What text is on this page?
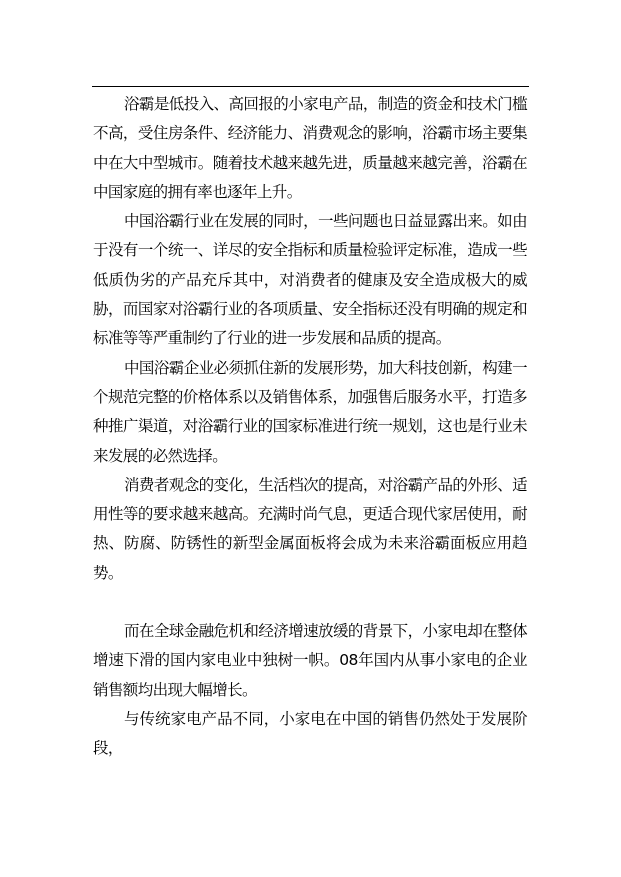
浴霸是低投入、高回报的小家电产品，制造的资金和技术门槛不高，受住房条件、经济能力、消费观念的影响，浴霸市场主要集中在大中型城市。随着技术越来越先进，质量越来越完善，浴霸在中国家庭的拥有率也逐年上升。

中国浴霸行业在发展的同时，一些问题也日益显露出来。如由于没有一个统一、详尽的安全指标和质量检验评定标准，造成一些低质伪劣的产品充斥其中，对消费者的健康及安全造成极大的威胁，而国家对浴霸行业的各项质量、安全指标还没有明确的规定和标准等等严重制约了行业的进一步发展和品质的提高。

中国浴霸企业必须抓住新的发展形势，加大科技创新，构建一个规范完整的价格体系以及销售体系，加强售后服务水平，打造多种推广渠道，对浴霸行业的国家标准进行统一规划，这也是行业未来发展的必然选择。

消费者观念的变化，生活档次的提高，对浴霸产品的外形、适用性等的要求越来越高。充满时尚气息，更适合现代家居使用，耐热、防腐、防锈性的新型金属面板将会成为未来浴霸面板应用趋势。

而在全球金融危机和经济增速放缓的背景下，小家电却在整体增速下滑的国内家电业中独树一帜。08年国内从事小家电的企业销售额均出现大幅增长。

与传统家电产品不同，小家电在中国的销售仍然处于发展阶段，
